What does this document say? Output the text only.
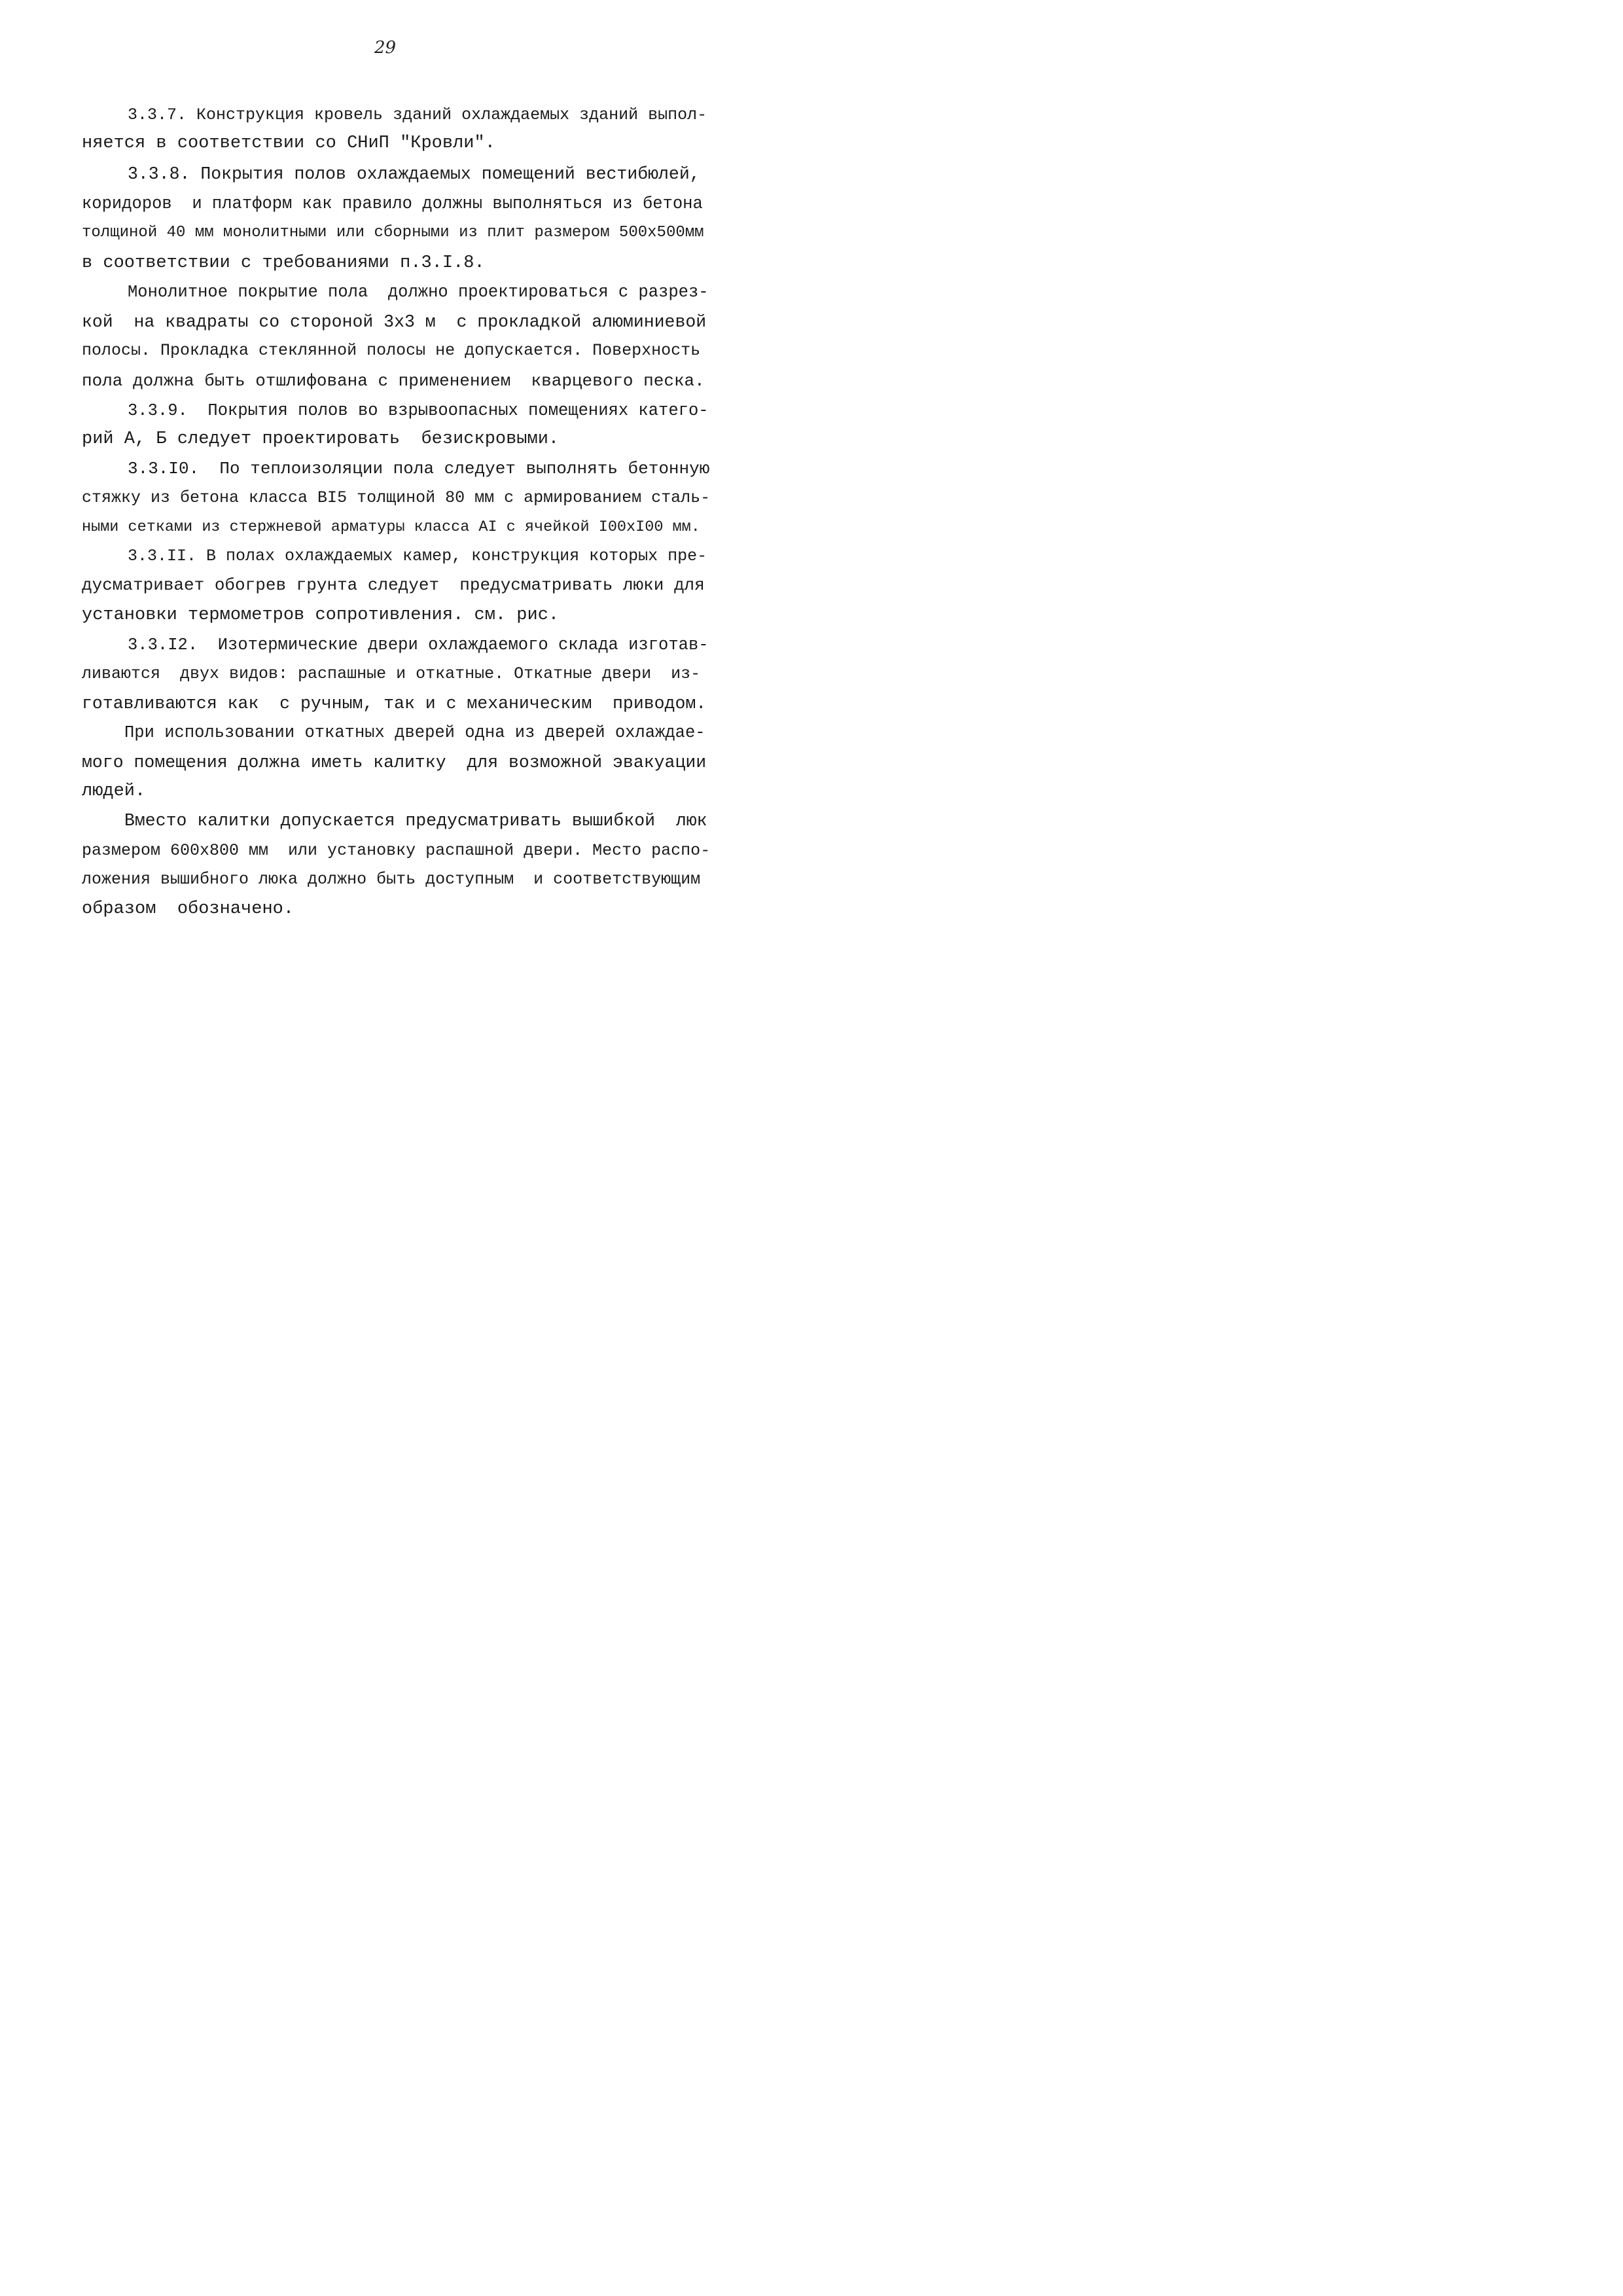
29
3.3.7. Конструкция кровель зданий охлаждаемых зданий выпол-
няется в соответствии со СНиП "Кровли".
3.3.8. Покрытия полов охлаждаемых помещений вестибюлей,
коридоров  и платформ как правило должны выполняться из бетона
толщиной 40 мм монолитными или сборными из плит размером 500х500мм
в соответствии с требованиями п.3.I.8.
Монолитное покрытие пола  должно проектироваться с разрез-
кой  на квадраты со стороной 3х3 м  с прокладкой алюминиевой
полосы. Прокладка стеклянной полосы не допускается. Поверхность
пола должна быть отшлифована с применением  кварцевого песка.
3.3.9.  Покрытия полов во взрывоопасных помещениях катего-
рий А, Б следует проектировать  безискровыми.
3.3.I0.  По теплоизоляции пола следует выполнять бетонную
стяжку из бетона класса BI5 толщиной 80 мм с армированием сталь-
ными сетками из стержневой арматуры класса AI с ячейкой I00хI00 мм.
3.3.II. В полах охлаждаемых камер, конструкция которых пре-
дусматривает обогрев грунта следует  предусматривать люки для
установки термометров сопротивления. см. рис.
3.3.I2.  Изотермические двери охлаждаемого склада изготав-
ливаются  двух видов: распашные и откатные. Откатные двери  из-
готавливаются как  с ручным, так и с механическим  приводом.
При использовании откатных дверей одна из дверей охлаждае-
мого помещения должна иметь калитку  для возможной эвакуации
людей.
Вместо калитки допускается предусматривать вышибкой  люк
размером 600х800 мм  или установку распашной двери. Место распо-
ложения вышибного люка должно быть доступным  и соответствующим
образом  обозначено.
